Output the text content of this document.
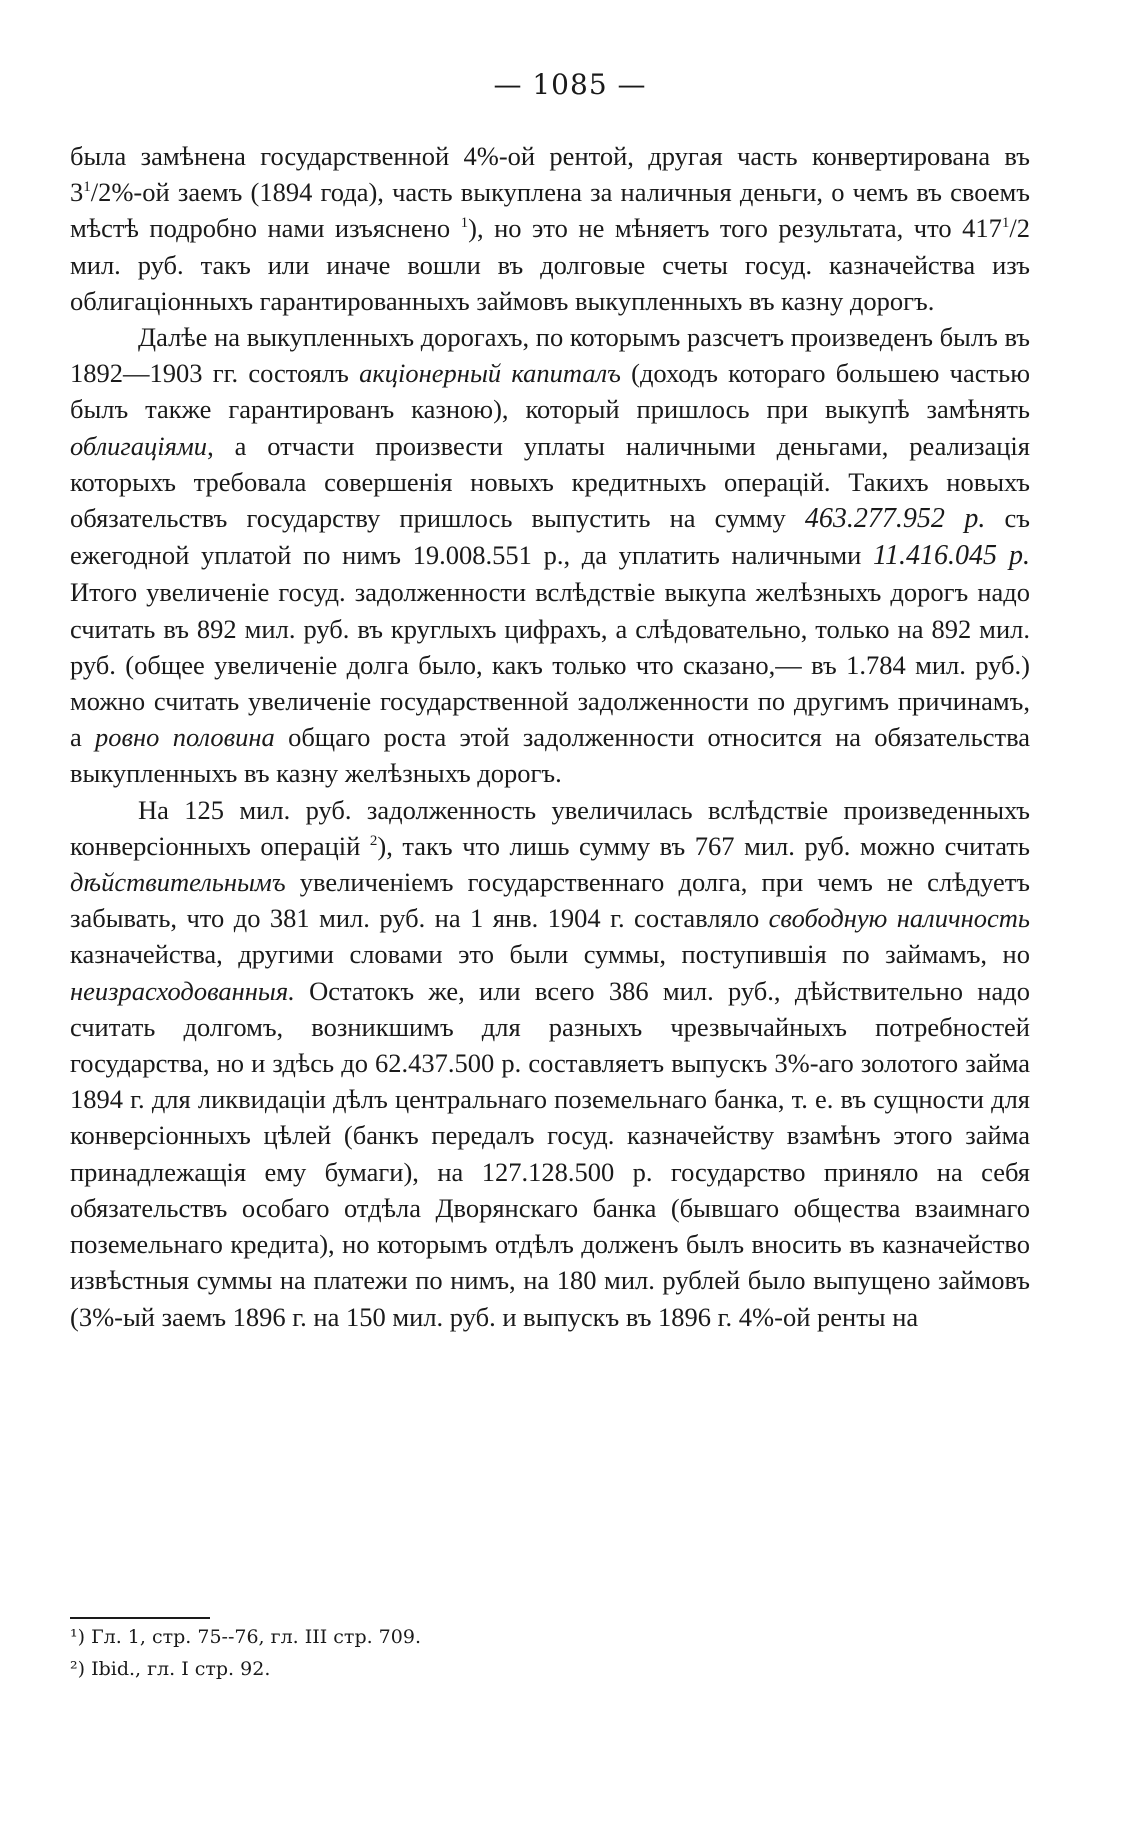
— 1085 —

была замѣнена государственной 4%-ой рентой, другая часть конвертирована въ $3^1/2\%-ой$ заемъ (1894 года), часть выкуплена за наличныя деньги, о чемъ въ своемъ мѣстѣ подробно нами изъяснено $^1$), но это не мѣняетъ того результата, что $417^1/2$ мил. руб. такъ или иначе вошли въ долговые счеты госуд. казначейства изъ облигаціонныхъ гарантированныхъ займовъ выкупленныхъ въ казну дорогъ.

Далѣе на выкупленныхъ дорогахъ, по которымъ разсчетъ произведенъ былъ въ 1892—1903 гг. состоялъ акціонерный капиталъ (доходъ котораго большею частью былъ также гарантированъ казною), который пришлось при выкупѣ замѣнять облигаціями, а отчасти произвести уплаты наличными деньгами, реализація которыхъ требовала совершенія новыхъ кредитныхъ операцій. Такихъ новыхъ обязательствъ государству пришлось выпустить на сумму 463.277.952 р. съ ежегодной уплатой по нимъ 19.008.551 р., да уплатить наличными 11.416.045 р. Итого увеличеніе госуд. задолженности вслѣдствіе выкупа желѣзныхъ дорогъ надо считать въ 892 мил. руб. въ круглыхъ цифрахъ, а слѣдовательно, только на 892 мил. руб. (общее увеличеніе долга было, какъ только что сказано,— въ 1.784 мил. руб.) можно считать увеличеніе государственной задолженности по другимъ причинамъ, а ровно половина общаго роста этой задолженности относится на обязательства выкупленныхъ въ казну желѣзныхъ дорогъ.

На 125 мил. руб. задолженность увеличилась вслѣдствіе произведенныхъ конверсіонныхъ операцій $^2$), такъ что лишь сумму въ 767 мил. руб. можно считать дѣйствительнымъ увеличеніемъ государственнаго долга, при чемъ не слѣдуетъ забывать, что до 381 мил. руб. на 1 янв. 1904 г. составляло свободную наличность казначейства, другими словами это были суммы, поступившія по займамъ, но неизрасходованныя. Остатокъ же, или всего 386 мил. руб., дѣйствительно надо считать долгомъ, возникшимъ для разныхъ чрезвычайныхъ потребностей государства, но и здѣсь до 62.437.500 р. составляетъ выпускъ 3%-аго золотого займа 1894 г. для ликвидаціи дѣлъ центральнаго поземельнаго банка, т. е. въ сущности для конверсіонныхъ цѣлей (банкъ передалъ госуд. казначейству взамѣнъ этого займа принадлежащія ему бумаги), на 127.128.500 р. государство приняло на себя обязательствъ особаго отдѣла Дворянскаго банка (бывшаго общества взаимнаго поземельнаго кредита), но которымъ отдѣлъ долженъ былъ вносить въ казначейство извѣстныя суммы на платежи по нимъ, на 180 мил. рублей было выпущено займовъ (3%-ый заемъ 1896 г. на 150 мил. руб. и выпускъ въ 1896 г. 4%-ой ренты на

¹) Гл. 1, стр. 75--76, гл. III стр. 709.
²) Ibid., гл. I стр. 92.
